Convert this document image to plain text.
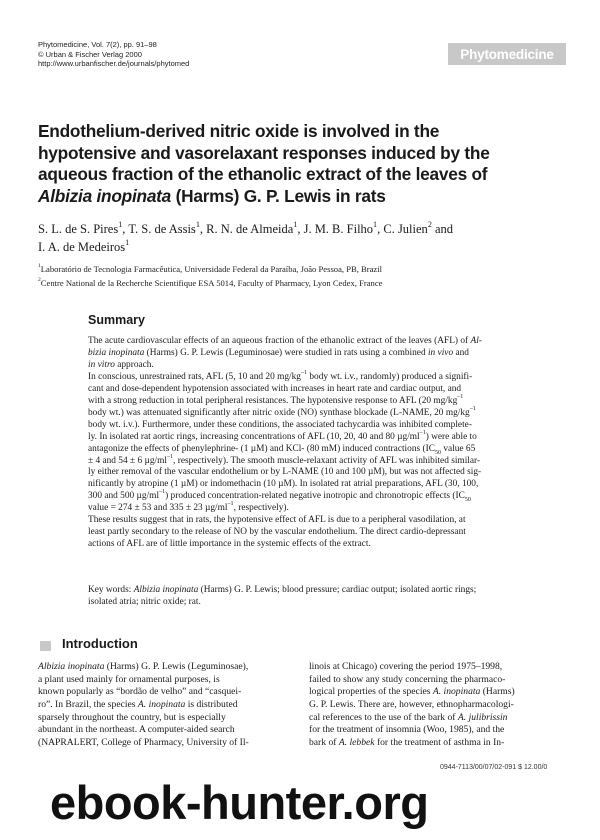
Phytomedicine, Vol. 7(2), pp. 91–98
© Urban & Fischer Verlag 2000
http://www.urbanfischer.de/journals/phytomed
Phytomedicine
Endothelium-derived nitric oxide is involved in the
hypotensive and vasorelaxant responses induced by the
aqueous fraction of the ethanolic extract of the leaves of
Albizia inopinata (Harms) G. P. Lewis in rats
S. L. de S. Pires$^1$, T. S. de Assis$^1$, R. N. de Almeida$^1$, J. M. B. Filho$^1$, C. Julien$^2$ and
I. A. de Medeiros$^1$
$^1$Laboratório de Tecnologia Farmacêutica, Universidade Federal da Paraíba, João Pessoa, PB, Brazil
$^2$Centre National de la Recherche Scientifique ESA 5014, Faculty of Pharmacy, Lyon Cedex, France
Summary
The acute cardiovascular effects of an aqueous fraction of the ethanolic extract of the leaves (AFL) of Al-
bizia inopinata (Harms) G. P. Lewis (Leguminosae) were studied in rats using a combined in vivo and
in vitro approach.
In conscious, unrestrained rats, AFL (5, 10 and 20 $mg/kg^{-1}$ body wt. i.v., randomly) produced a signifi-
cant and dose-dependent hypotension associated with increases in heart rate and cardiac output, and
with a strong reduction in total peripheral resistances. The hypotensive response to AFL (20 $mg/kg^{-1}$
body wt.) was attenuated significantly after nitric oxide (NO) synthase blockade (L-NAME, 20 $mg/kg^{-1}$
body wt. i.v.). Furthermore, under these conditions, the associated tachycardia was inhibited complete-
ly. In isolated rat aortic rings, increasing concentrations of AFL (10, 20, 40 and 80 $\mu g/ml^{-1}$) were able to
antagonize the effects of phenylephrine- (1 µM) and KCl- (80 mM) induced contractions ($IC_{50}$ value 65
± 4 and 54 ± 6 $\mu g/ml^{-1}$, respectively). The smooth muscle-relaxant activity of AFL was inhibited similar-
ly either removal of the vascular endothelium or by L-NAME (10 and 100 µM), but was not affected sig-
nificantly by atropine (1 µM) or indomethacin (10 µM). In isolated rat atrial preparations, AFL (30, 100,
300 and 500 $\mu g/ml^{-1}$) produced concentration-related negative inotropic and chronotropic effects ($IC_{50}$
value = 274 ± 53 and 335 ± 23 $\mu g/ml^{-1}$, respectively).
These results suggest that in rats, the hypotensive effect of AFL is due to a peripheral vasodilation, at
least partly secondary to the release of NO by the vascular endothelium. The direct cardio-depressant
actions of AFL are of little importance in the systemic effects of the extract.
Key words: Albizia inopinata (Harms) G. P. Lewis; blood pressure; cardiac output; isolated aortic rings;
isolated atria; nitric oxide; rat.
Introduction
Albizia inopinata (Harms) G. P. Lewis (Leguminosae),
a plant used mainly for ornamental purposes, is
known popularly as “bordão de velho” and “casquei-
ro”. In Brazil, the species A. inopinata is distributed
sparsely throughout the country, but is especially
abundant in the northeast. A computer-aided search
(NAPRALERT, College of Pharmacy, University of Il-
linois at Chicago) covering the period 1975–1998,
failed to show any study concerning the pharmaco-
logical properties of the species A. inopinata (Harms)
G. P. Lewis. There are, however, ethnopharmacologi-
cal references to the use of the bark of A. julibrissin
for the treatment of insomnia (Woo, 1985), and the
bark of A. lebbek for the treatment of asthma in In-
0944-7113/00/07/02-091 $ 12.00/0
ebook-hunter.org
